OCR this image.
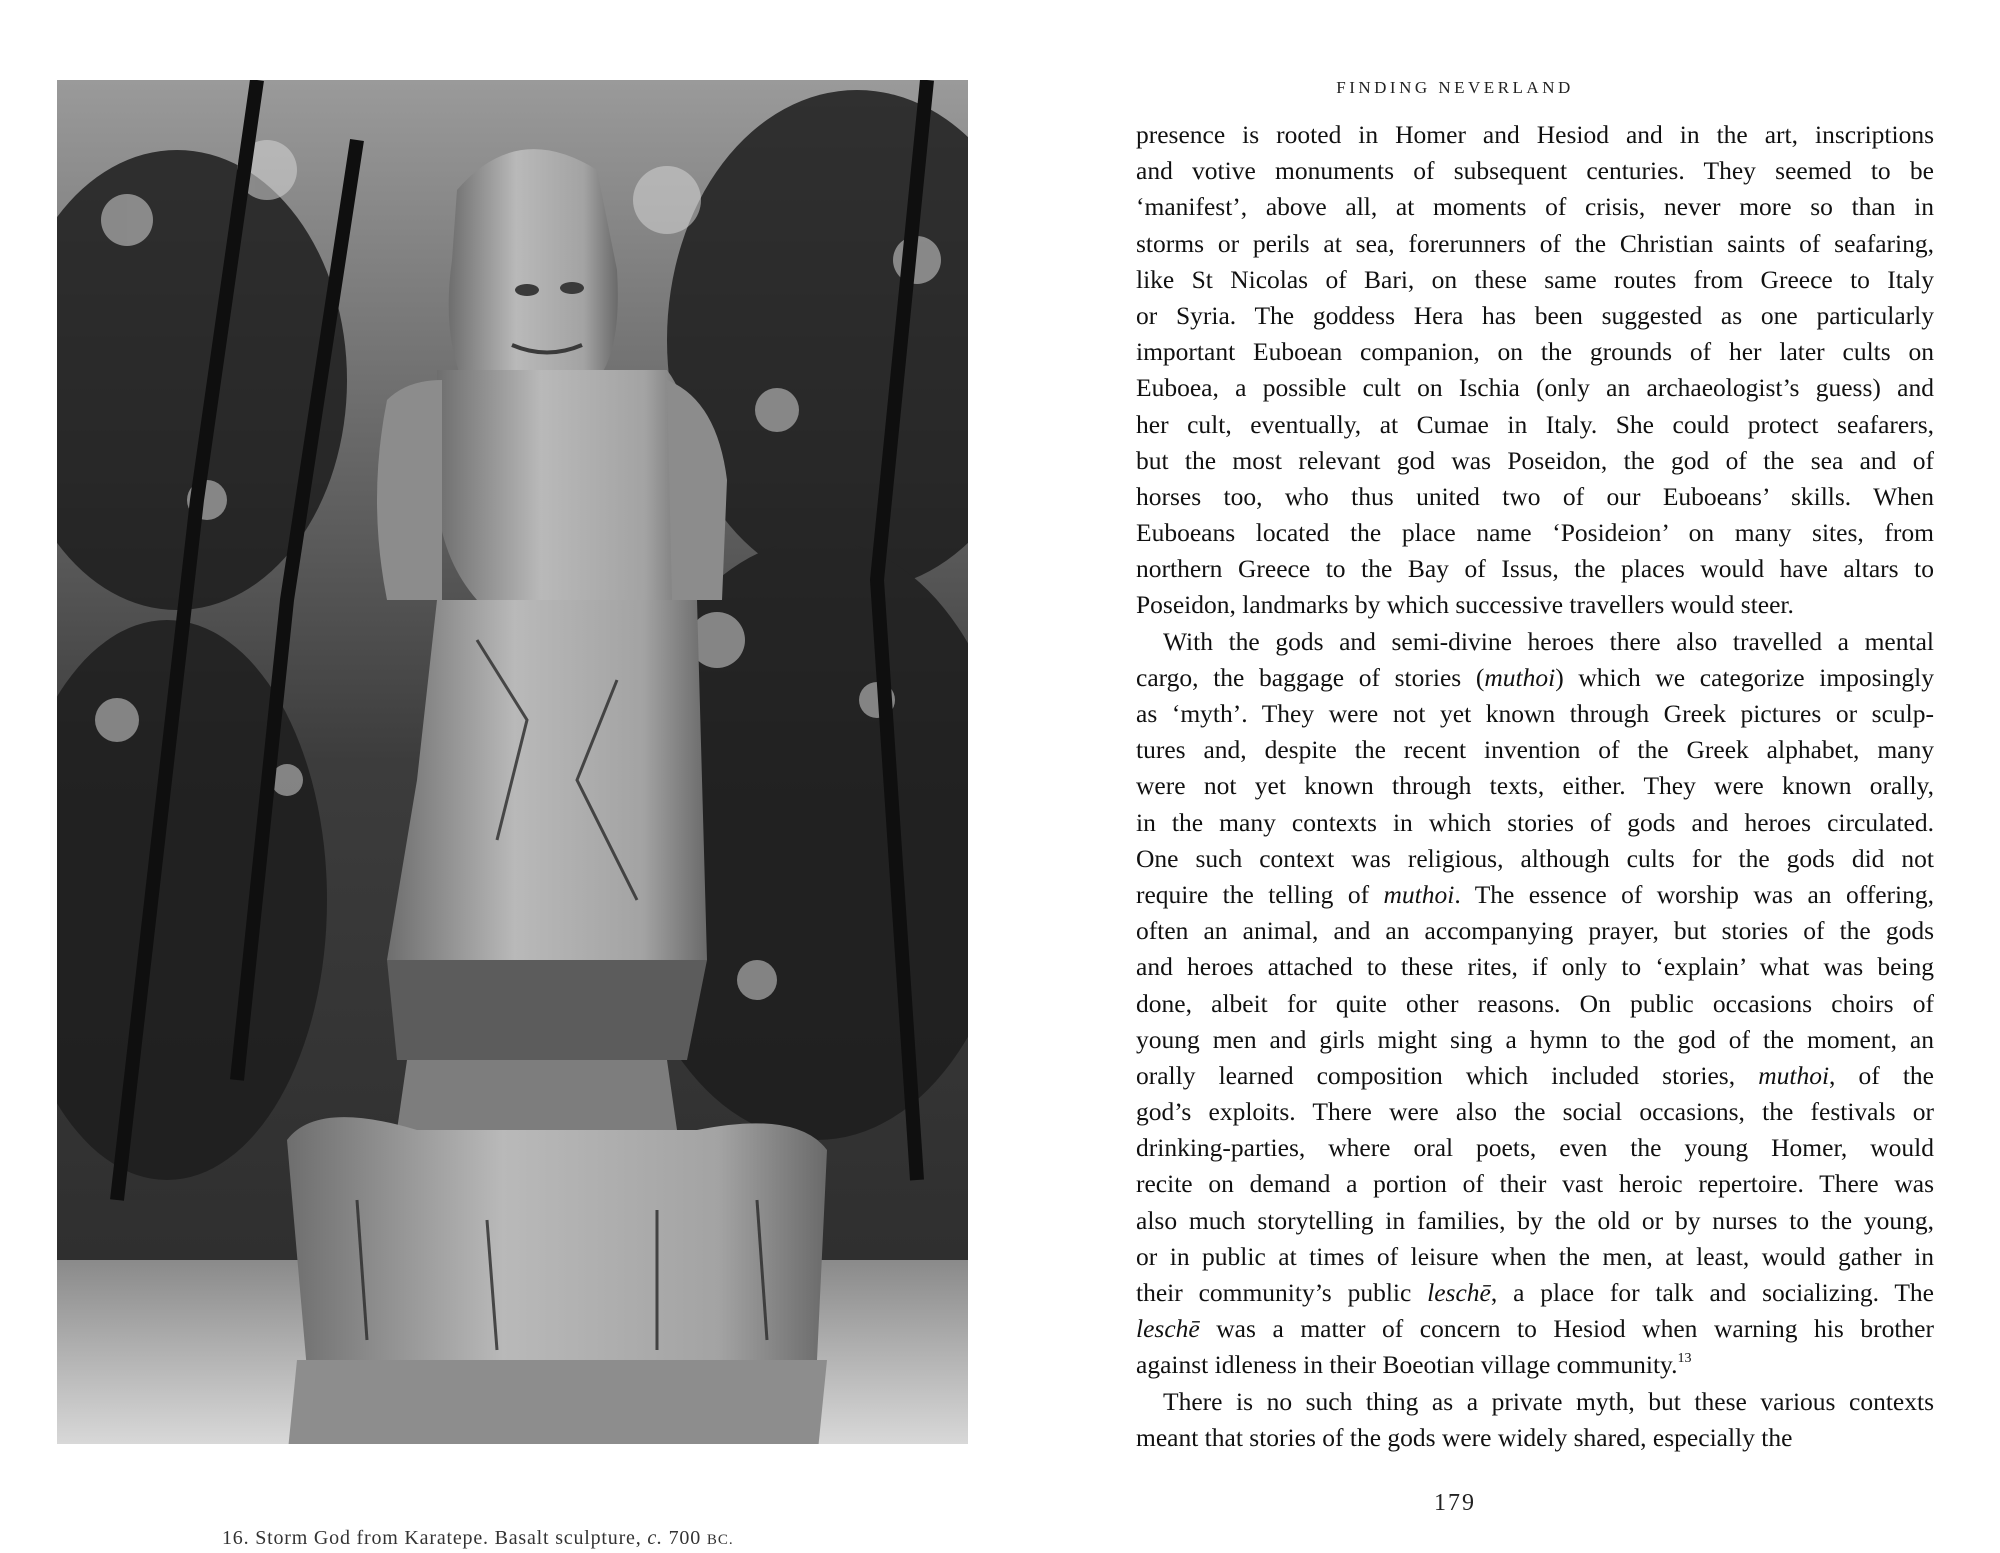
16. Storm God from Karatepe. Basalt sculpture, c. 700 BC.
FINDING NEVERLAND
presence is rooted in Homer and Hesiod and in the art, inscriptions
and votive monuments of subsequent centuries. They seemed to be
‘manifest’, above all, at moments of crisis, never more so than in
storms or perils at sea, forerunners of the Christian saints of seafaring,
like St Nicolas of Bari, on these same routes from Greece to Italy
or Syria. The goddess Hera has been suggested as one particularly
important Euboean companion, on the grounds of her later cults on
Euboea, a possible cult on Ischia (only an archaeologist’s guess) and
her cult, eventually, at Cumae in Italy. She could protect seafarers,
but the most relevant god was Poseidon, the god of the sea and of
horses too, who thus united two of our Euboeans’ skills. When
Euboeans located the place name ‘Posideion’ on many sites, from
northern Greece to the Bay of Issus, the places would have altars to
Poseidon, landmarks by which successive travellers would steer.
With the gods and semi-divine heroes there also travelled a mental
cargo, the baggage of stories (muthoi) which we categorize imposingly
as ‘myth’. They were not yet known through Greek pictures or sculp-
tures and, despite the recent invention of the Greek alphabet, many
were not yet known through texts, either. They were known orally,
in the many contexts in which stories of gods and heroes circulated.
One such context was religious, although cults for the gods did not
require the telling of muthoi. The essence of worship was an offering,
often an animal, and an accompanying prayer, but stories of the gods
and heroes attached to these rites, if only to ‘explain’ what was being
done, albeit for quite other reasons. On public occasions choirs of
young men and girls might sing a hymn to the god of the moment, an
orally learned composition which included stories, muthoi, of the
god’s exploits. There were also the social occasions, the festivals or
drinking-parties, where oral poets, even the young Homer, would
recite on demand a portion of their vast heroic repertoire. There was
also much storytelling in families, by the old or by nurses to the young,
or in public at times of leisure when the men, at least, would gather in
their community’s public leschē, a place for talk and socializing. The
leschē was a matter of concern to Hesiod when warning his brother
against idleness in their Boeotian village community.$^{13}$
There is no such thing as a private myth, but these various contexts
meant that stories of the gods were widely shared, especially the
179
